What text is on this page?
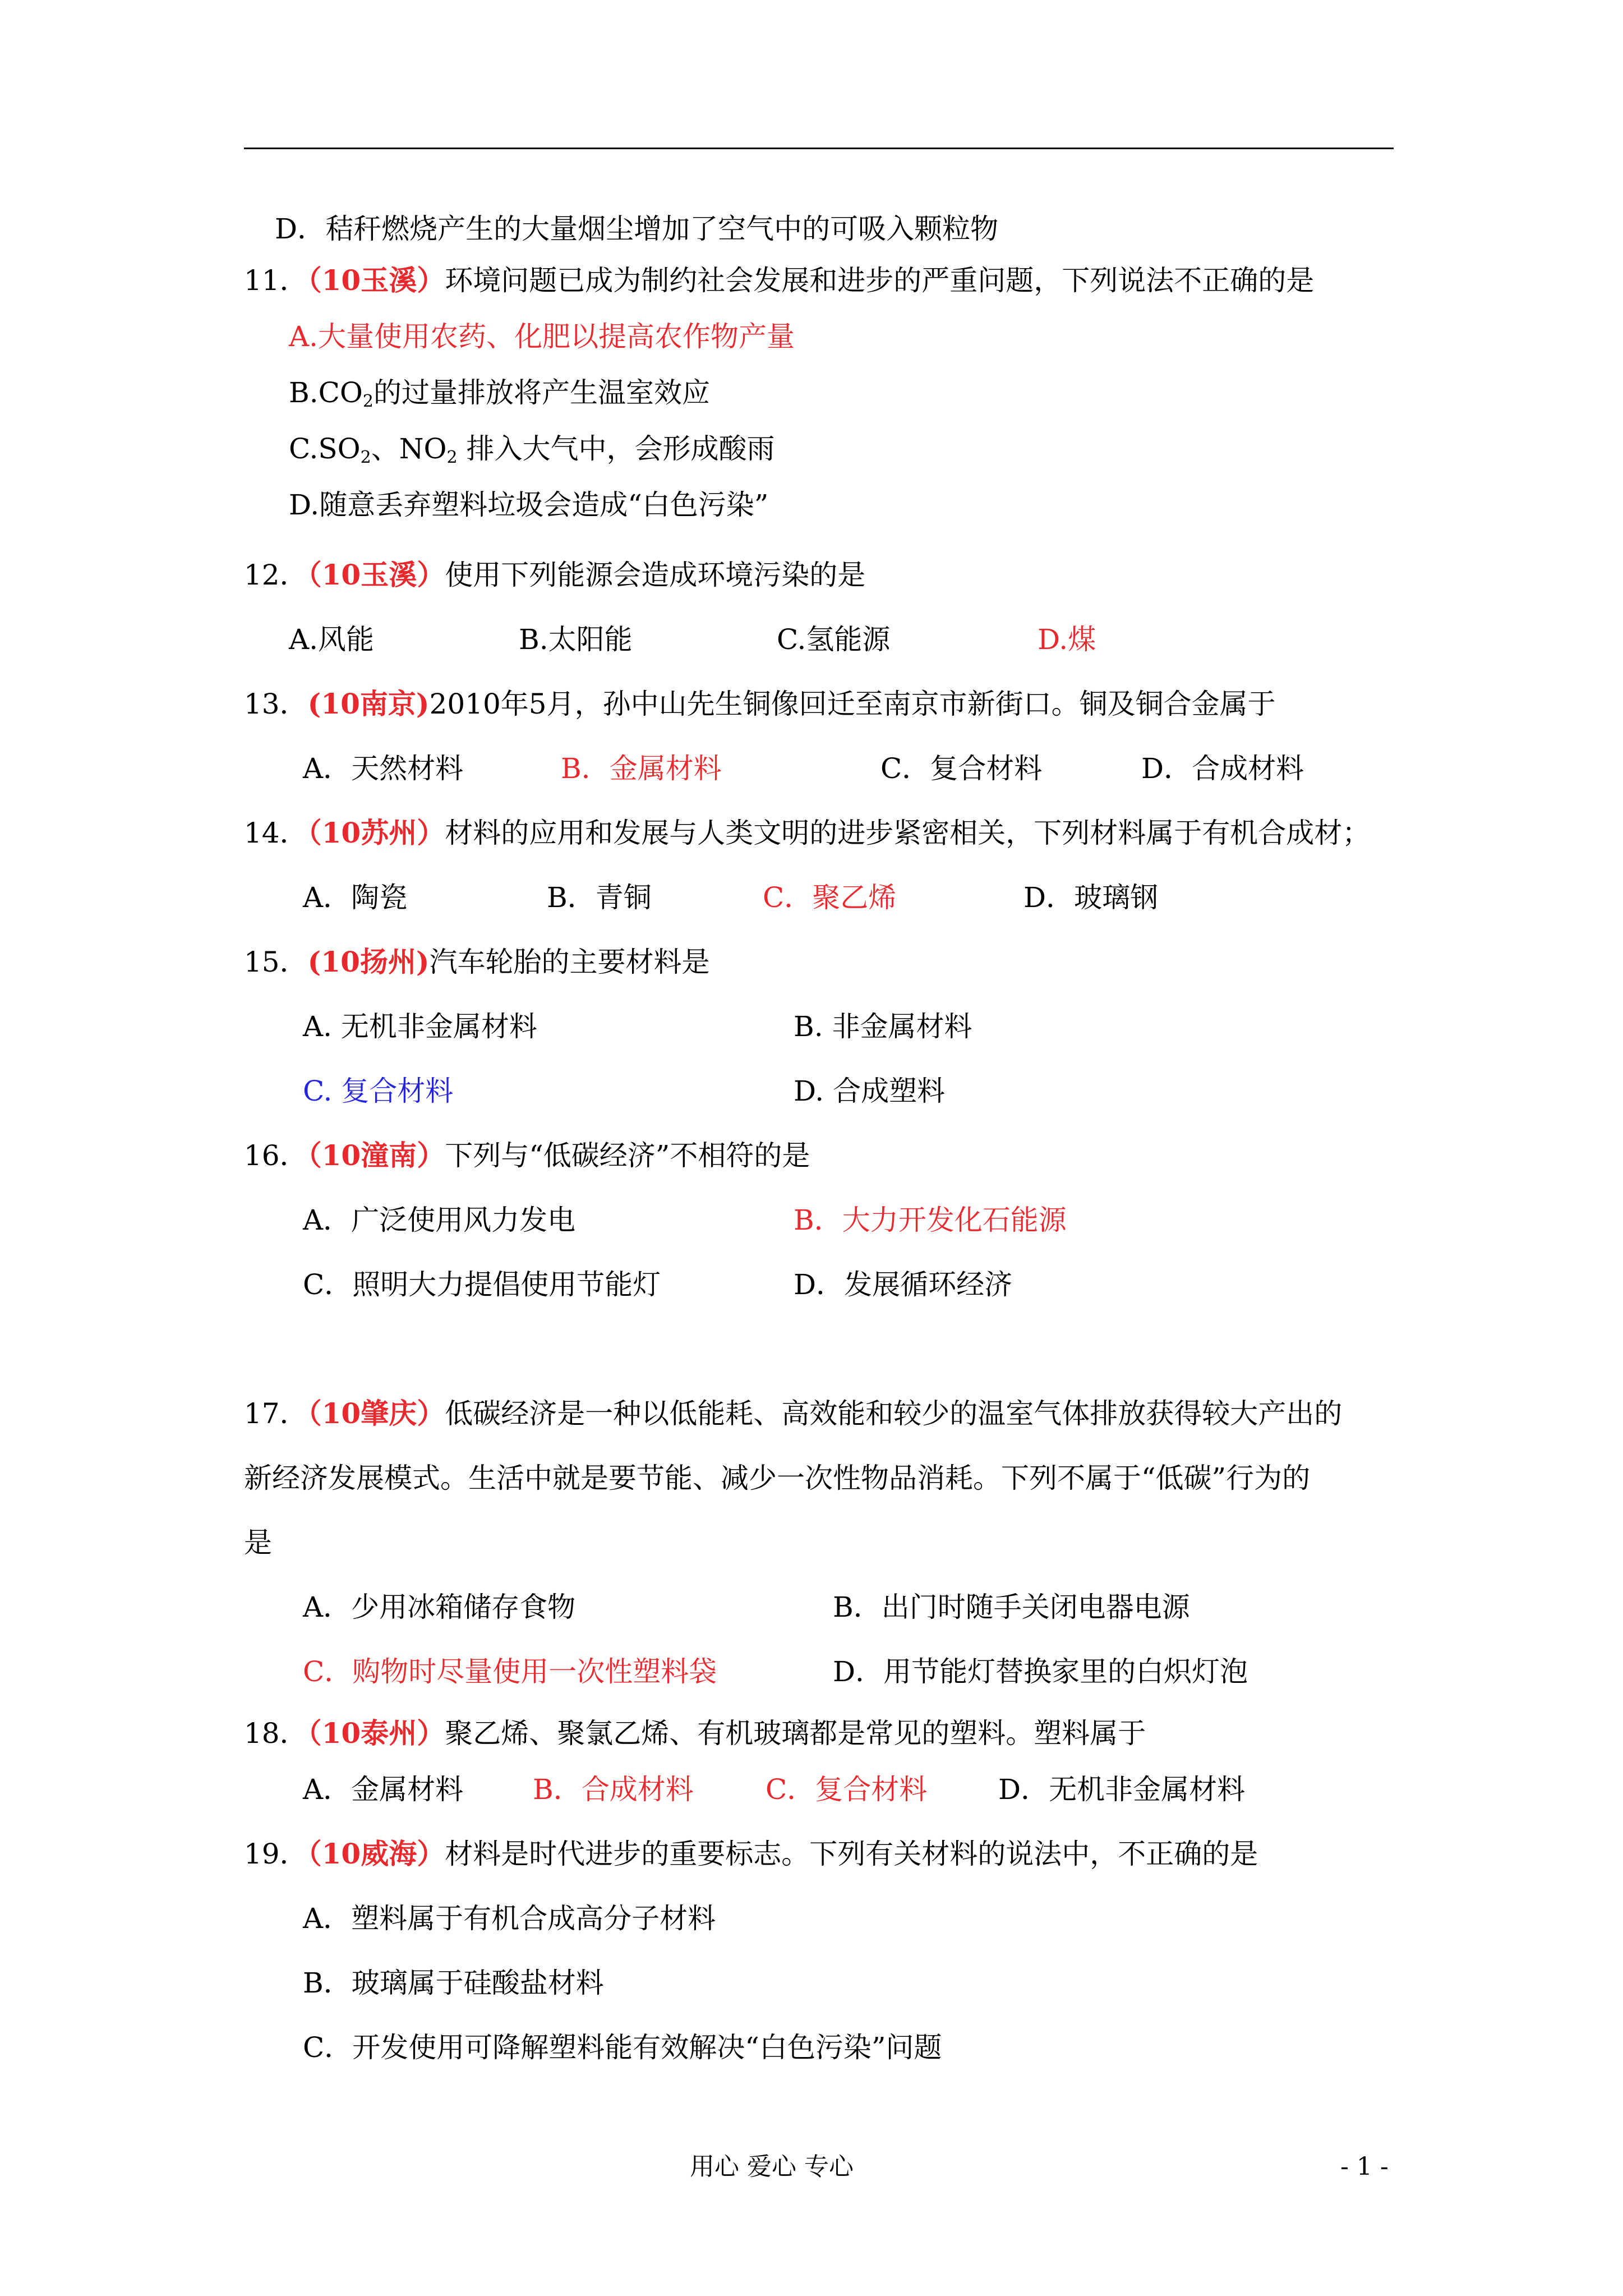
D．秸秆燃烧产生的大量烟尘增加了空气中的可吸入颗粒物
11．（10玉溪）环境问题已成为制约社会发展和进步的严重问题，下列说法不正确的是
A.大量使用农药、化肥以提高农作物产量
$B.CO_2$的过量排放将产生温室效应
$C.SO_2$、$NO_2$ 排入大气中，会形成酸雨
D.随意丢弃塑料垃圾会造成“白色污染”
12．（10玉溪）使用下列能源会造成环境污染的是
A.风能	B.太阳能	C.氢能源	D.煤
13．(10南京)2010年5月，孙中山先生铜像回迁至南京市新街口。铜及铜合金属于
A．天然材料	B．金属材料	C．复合材料	D．合成材料
14．（10苏州）材料的应用和发展与人类文明的进步紧密相关，下列材料属于有机合成材；
A．陶瓷	B．青铜	C．聚乙烯	D．玻璃钢
15．(10扬州)汽车轮胎的主要材料是
A. 无机非金属材料	B. 非金属材料
C. 复合材料	D. 合成塑料
16．（10潼南）下列与“低碳经济”不相符的是
A．广泛使用风力发电	B．大力开发化石能源
C．照明大力提倡使用节能灯	D．发展循环经济
17．（10肇庆）低碳经济是一种以低能耗、高效能和较少的温室气体排放获得较大产出的
新经济发展模式。生活中就是要节能、减少一次性物品消耗。下列不属于“低碳”行为的
是
A．少用冰箱储存食物	B．出门时随手关闭电器电源
C．购物时尽量使用一次性塑料袋	D．用节能灯替换家里的白炽灯泡
18．（10泰州）聚乙烯、聚氯乙烯、有机玻璃都是常见的塑料。塑料属于
A．金属材料 B．合成材料	C．复合材料	D．无机非金属材料
19．（10威海）材料是时代进步的重要标志。下列有关材料的说法中，不正确的是
A．塑料属于有机合成高分子材料
B．玻璃属于硅酸盐材料
C．开发使用可降解塑料能有效解决“白色污染”问题
用心 爱心 专心	- 1 -
